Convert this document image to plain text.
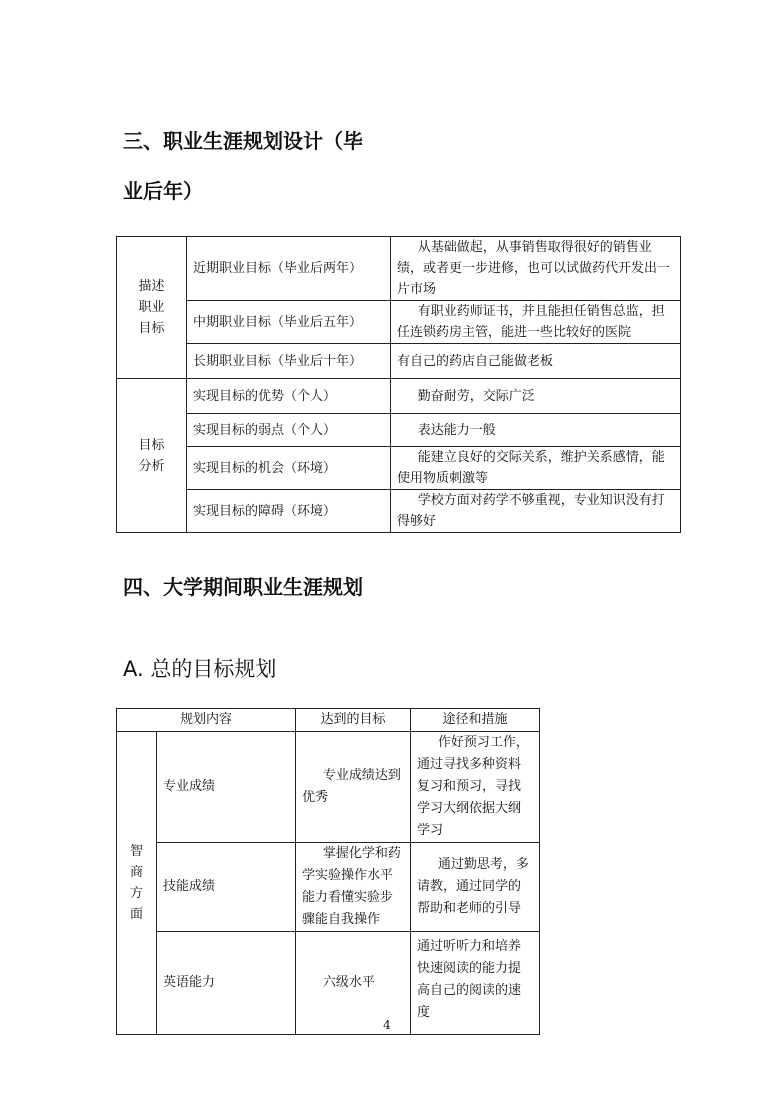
三、职业生涯规划设计（毕
业后年）
描述
职业
目标	近期职业目标（毕业后两年）	从基础做起，从事销售取得很好的销售业绩，或者更一步进修，也可以试做药代开发出一片市场
	中期职业目标（毕业后五年）	有职业药师证书，并且能担任销售总监，担任连锁药房主管，能进一些比较好的医院
	长期职业目标（毕业后十年）	有自己的药店自己能做老板

目标
分析	实现目标的优势（个人）	勤奋耐劳，交际广泛
	实现目标的弱点（个人）	表达能力一般
	实现目标的机会（环境）	能建立良好的交际关系，维护关系感情，能使用物质刺激等
	实现目标的障碍（环境）	学校方面对药学不够重视，专业知识没有打得够好
四、大学期间职业生涯规划
A. 总的目标规划
规划内容		达到的目标	途径和措施

智
商
方
面	专业成绩	专业成绩达到优秀	作好预习工作，通过寻找多种资料复习和预习，寻找学习大纲依据大纲学习
	技能成绩	掌握化学和药学实验操作水平能力看懂实验步骤能自我操作	通过勤思考，多请教，通过同学的帮助和老师的引导
	英语能力	六级水平	通过听听力和培养快速阅读的能力提高自己的阅读的速度
4
